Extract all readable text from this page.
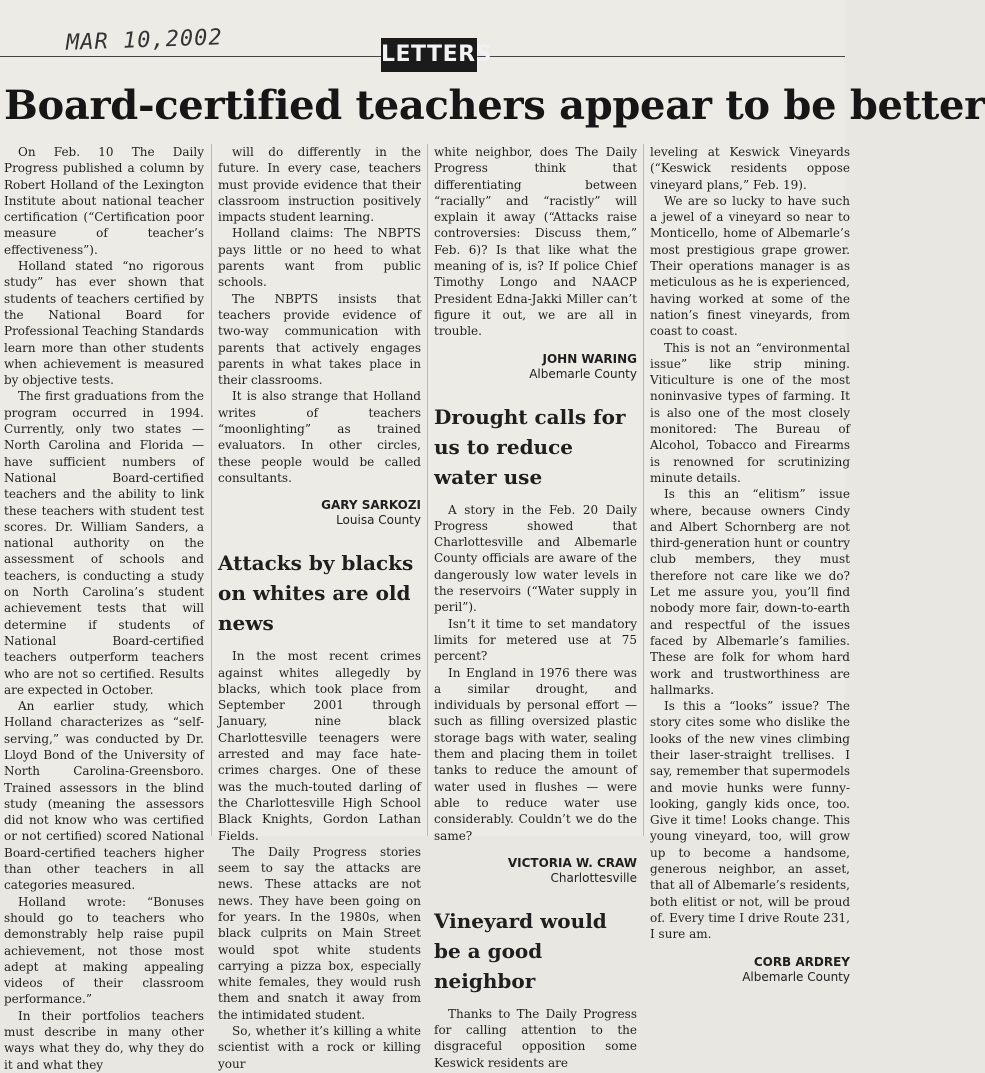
MAR 10,2002	LETTERS
Board-certified teachers appear to be better

On Feb. 10 The Daily Progress published a column by Robert Holland of the Lexington Institute about national teacher certification (“Certification poor measure of teacher’s effectiveness”).

Holland stated “no rigorous study” has ever shown that students of teachers certified by the National Board for Professional Teaching Standards learn more than other students when achievement is measured by objective tests.

The first graduations from the program occurred in 1994. Currently, only two states — North Carolina and Florida — have sufficient numbers of National Board-certified teachers and the ability to link these teachers with student test scores. Dr. William Sanders, a national authority on the assessment of schools and teachers, is conducting a study on North Carolina’s student achievement tests that will determine if students of National Board-certified teachers outperform teachers who are not so certified. Results are expected in October.

An earlier study, which Holland characterizes as “self-serving,” was conducted by Dr. Lloyd Bond of the University of North Carolina-Greensboro. Trained assessors in the blind study (meaning the assessors did not know who was certified or not certified) scored National Board-certified teachers higher than other teachers in all categories measured.

Holland wrote: “Bonuses should go to teachers who demonstrably help raise pupil achievement, not those most adept at making appealing videos of their classroom performance.”

In their portfolios teachers must describe in many other ways what they do, why they do it and what they

will do differently in the future. In every case, teachers must provide evidence that their classroom instruction positively impacts student learning.

Holland claims: The NBPTS pays little or no heed to what parents want from public schools.

The NBPTS insists that teachers provide evidence of two-way communication with parents that actively engages parents in what takes place in their classrooms.

It is also strange that Holland writes of teachers “moonlighting” as trained evaluators. In other circles, these people would be called consultants.

GARY SARKOZI
Louisa County
Attacks by blacks on whites are old news

In the most recent crimes against whites allegedly by blacks, which took place from September 2001 through January, nine black Charlottesville teenagers were arrested and may face hate-crimes charges. One of these was the much-touted darling of the Charlottesville High School Black Knights, Gordon Lathan Fields.

The Daily Progress stories seem to say the attacks are news. These attacks are not news. They have been going on for years. In the 1980s, when black culprits on Main Street would spot white students carrying a pizza box, especially white females, they would rush them and snatch it away from the intimidated student.

So, whether it’s killing a white scientist with a rock or killing your

white neighbor, does The Daily Progress think that differentiating between “racially” and “racistly” will explain it away (“Attacks raise controversies: Discuss them,” Feb. 6)? Is that like what the meaning of is, is? If police Chief Timothy Longo and NAACP President Edna-Jakki Miller can’t figure it out, we are all in trouble.

JOHN WARING
Albemarle County
Drought calls for us to reduce water use

A story in the Feb. 20 Daily Progress showed that Charlottesville and Albemarle County officials are aware of the dangerously low water levels in the reservoirs (“Water supply in peril”).

Isn’t it time to set mandatory limits for metered use at 75 percent?

In England in 1976 there was a similar drought, and individuals by personal effort — such as filling oversized plastic storage bags with water, sealing them and placing them in toilet tanks to reduce the amount of water used in flushes — were able to reduce water use considerably. Couldn’t we do the same?

VICTORIA W. CRAW
Charlottesville
Vineyard would be a good neighbor

Thanks to The Daily Progress for calling attention to the disgraceful opposition some Keswick residents are

leveling at Keswick Vineyards (“Keswick residents oppose vineyard plans,” Feb. 19).

We are so lucky to have such a jewel of a vineyard so near to Monticello, home of Albemarle’s most prestigious grape grower. Their operations manager is as meticulous as he is experienced, having worked at some of the nation’s finest vineyards, from coast to coast.

This is not an “environmental issue” like strip mining. Viticulture is one of the most noninvasive types of farming. It is also one of the most closely monitored: The Bureau of Alcohol, Tobacco and Firearms is renowned for scrutinizing minute details.

Is this an “elitism” issue where, because owners Cindy and Albert Schornberg are not third-generation hunt or country club members, they must therefore not care like we do? Let me assure you, you’ll find nobody more fair, down-to-earth and respectful of the issues faced by Albemarle’s families. These are folk for whom hard work and trustworthiness are hallmarks.

Is this a “looks” issue? The story cites some who dislike the looks of the new vines climbing their laser-straight trellises. I say, remember that supermodels and movie hunks were funny-looking, gangly kids once, too. Give it time! Looks change. This young vineyard, too, will grow up to become a handsome, generous neighbor, an asset, that all of Albemarle’s residents, both elitist or not, will be proud of. Every time I drive Route 231, I sure am.

CORB ARDREY
Albemarle County
